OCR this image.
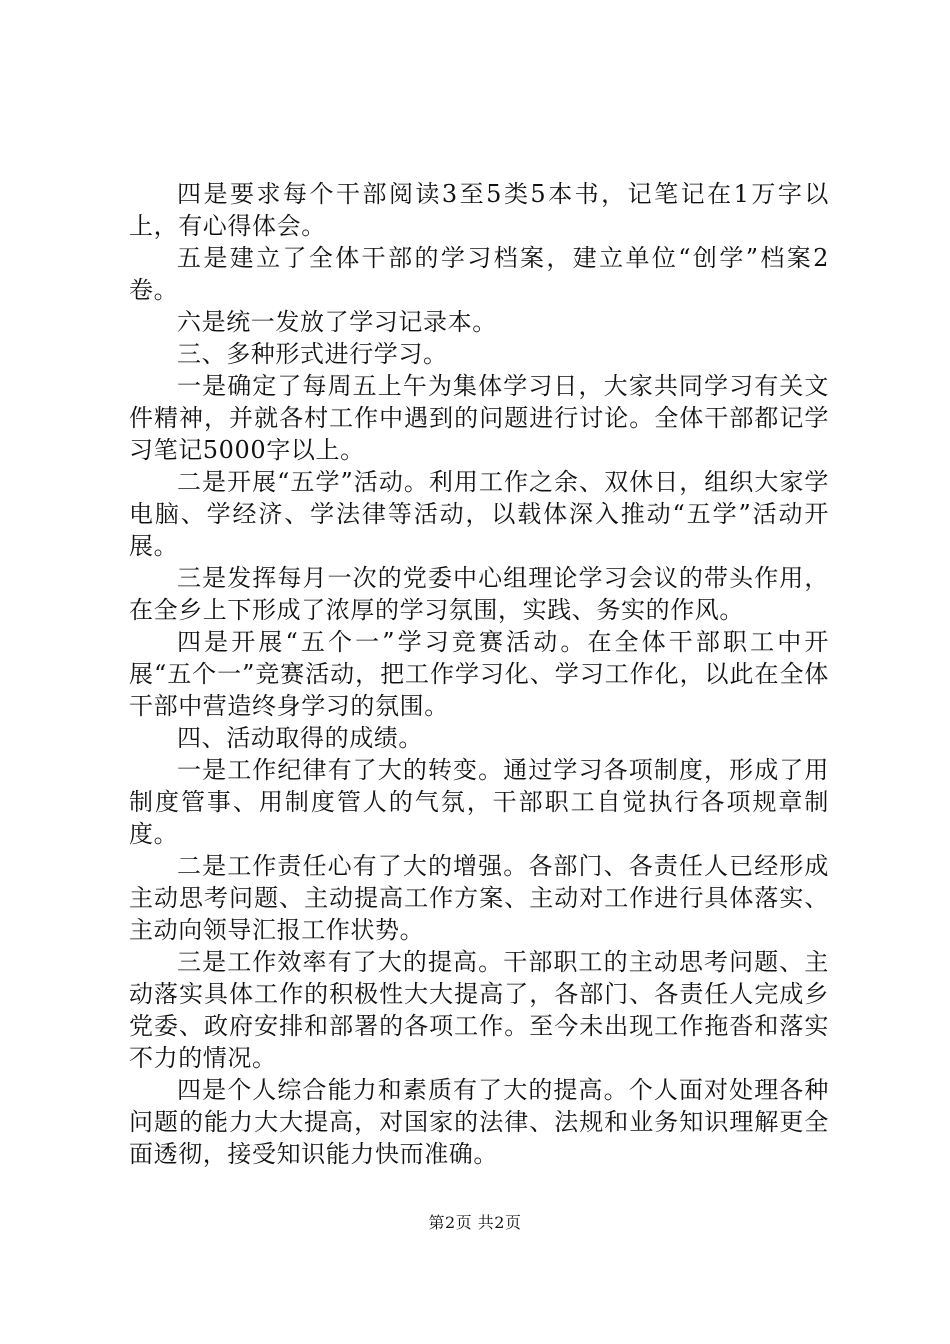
四是要求每个干部阅读3至5类5本书，记笔记在1万字以上，有心得体会。

五是建立了全体干部的学习档案，建立单位“创学”档案2卷。

六是统一发放了学习记录本。

三、多种形式进行学习。

一是确定了每周五上午为集体学习日，大家共同学习有关文件精神，并就各村工作中遇到的问题进行讨论。全体干部都记学习笔记5000字以上。

二是开展“五学”活动。利用工作之余、双休日，组织大家学电脑、学经济、学法律等活动，以载体深入推动“五学”活动开展。

三是发挥每月一次的党委中心组理论学习会议的带头作用，在全乡上下形成了浓厚的学习氛围，实践、务实的作风。

四是开展“五个一”学习竞赛活动。在全体干部职工中开展“五个一”竞赛活动，把工作学习化、学习工作化，以此在全体干部中营造终身学习的氛围。

四、活动取得的成绩。

一是工作纪律有了大的转变。通过学习各项制度，形成了用制度管事、用制度管人的气氛，干部职工自觉执行各项规章制度。

二是工作责任心有了大的增强。各部门、各责任人已经形成主动思考问题、主动提高工作方案、主动对工作进行具体落实、主动向领导汇报工作状势。

三是工作效率有了大的提高。干部职工的主动思考问题、主动落实具体工作的积极性大大提高了，各部门、各责任人完成乡党委、政府安排和部署的各项工作。至今未出现工作拖沓和落实不力的情况。

四是个人综合能力和素质有了大的提高。个人面对处理各种问题的能力大大提高，对国家的法律、法规和业务知识理解更全面透彻，接受知识能力快而准确。

第2页 共2页
